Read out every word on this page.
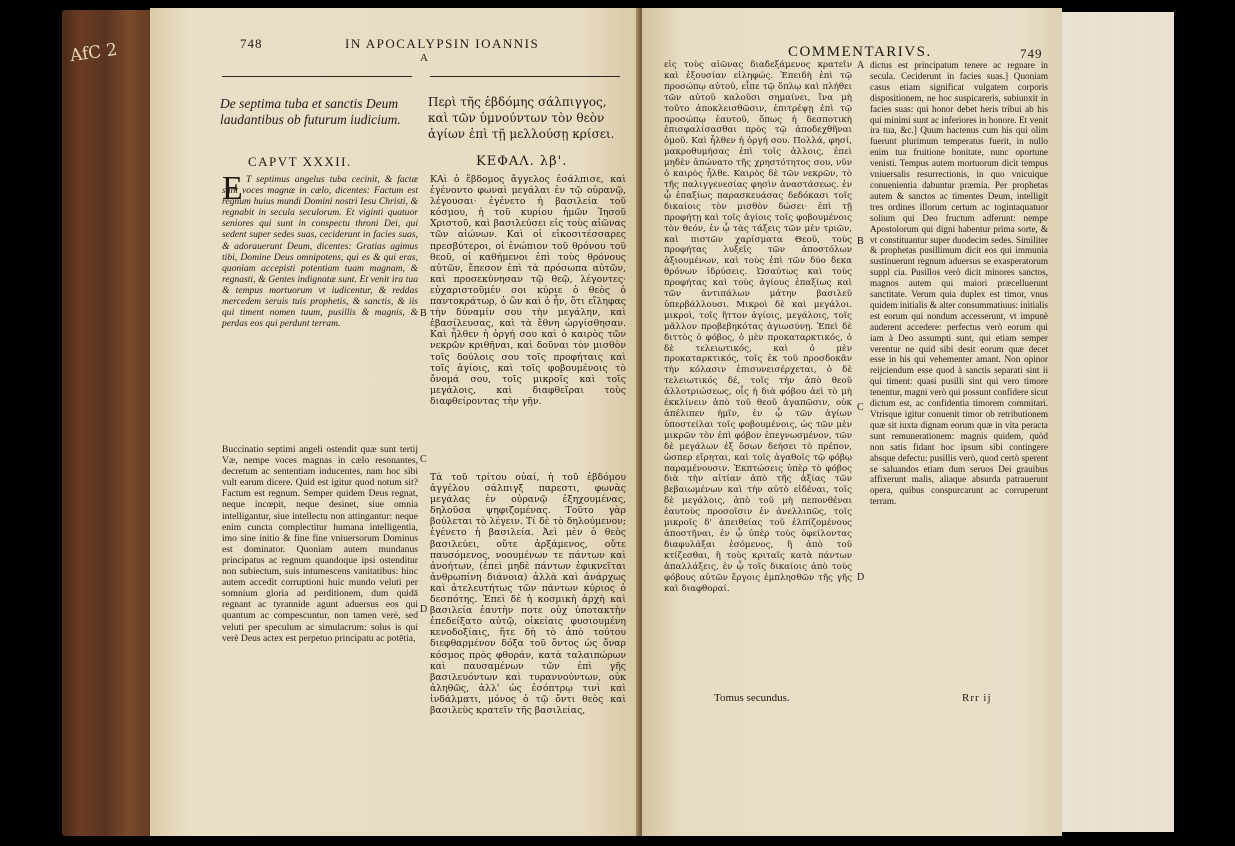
AfC 2	748	IN APOCALYPSIN IOANNIS
A
De septima tuba et sanctis Deum laudantibus ob futurum iudicium.
Περὶ τῆς ἑβδόμης σάλπιγγος, καὶ τῶν ὑμνούντων τὸν θεὸν ἁγίων ἐπὶ τῇ μελλούσῃ κρίσει.
CAPVT XXXII.	ΚΕΦΑΛ. λβ'.
E T septimus angelus tuba cecinit, & factæ sunt voces magnæ in cælo, dicentes: Factum est regnum huius mundi Domini nostri Iesu Christi, & regnabit in secula seculorum. Et viginti quatuor seniores qui sunt in conspectu throni Dei, qui sedent super sedes suas, ceciderunt in facies suas, & adorauerunt Deum, dicentes: Gratias agimus tibi, Domine Deus omnipotens, qui es & qui eras, quoniam accepisti potentiam tuam magnam, & regnasti, & Gentes indignatæ sunt. Et venit ira tua & tempus mortuorum vt iudicentur, & reddas mercedem seruis tuis prophetis, & sanctis, & iis qui timent nomen tuum, pusillis & magnis, & perdas eos qui perdunt terram.
Buccinatio septimi angeli ostendit quæ sunt tertij Væ, nempe voces magnas in cælo resonantes, decretum ac sententiam inducentes, nam hoc sibi vult earum dicere. Quid est igitur quod notum sit? Factum est regnum. Semper quidem Deus regnat, neque incœpit, neque desinet, siue omnia intelligantur, siue intellectu non attingantur: neque enim cuncta complectitur humana intelligentia, imo sine initio & fine fine vniuersorum Dominus est dominator. Quoniam autem mundanus principatus ac regnum quandoque ipsi ostenditur non subiectum, suis intumescens vanitatibus: hinc autem accedit corruptioni huic mundo veluti per somnium gloria ad perditionem, dum quidā regnant ac tyrannide agunt aduersus eos qui quantum ac compescuntur, non tamen verè, sed veluti per speculum ac simulacrum: solus is qui verè Deus actex est perpetuo principatu ac potētia,
ΚΑὶ ὁ ἕβδομος ἄγγελος ἐσάλπισε, καὶ ἐγένοντο φωναὶ μεγάλαι ἐν τῷ οὐρανῷ, λέγουσαι· ἐγένετο ἡ βασιλεία τοῦ κόσμου, ἡ τοῦ κυρίου ἡμῶν Ἰησοῦ Χριστοῦ, καὶ βασιλεύσει εἰς τοὺς αἰῶνας τῶν αἰώνων. Καὶ οἱ εἰκοσιτέσσαρες πρεσβύτεροι, οἱ ἐνώπιον τοῦ θρόνου τοῦ θεοῦ, οἱ καθήμενοι ἐπὶ τοὺς θρόνους αὐτῶν, ἔπεσον ἐπὶ τὰ πρόσωπα αὐτῶν, καὶ προσεκύνησαν τῷ θεῷ, λέγοντες· εὐχαριστοῦμέν σοι κύριε ὁ θεὸς ὁ παντοκράτωρ, ὁ ὢν καὶ ὁ ἦν, ὅτι εἴληφας τὴν δύναμίν σου τὴν μεγάλην, καὶ ἐβασίλευσας, καὶ τὰ ἔθνη ὠργίσθησαν. Καὶ ἦλθεν ἡ ὀργή σου καὶ ὁ καιρὸς τῶν νεκρῶν κριθῆναι, καὶ δοῦναι τὸν μισθὸν τοῖς δούλοις σου τοῖς προφήταις καὶ τοῖς ἁγίοις, καὶ τοῖς φοβουμένοις τὸ ὄνομά σου, τοῖς μικροῖς καὶ τοῖς μεγάλοις, καὶ διαφθεῖραι τοὺς διαφθείροντας τὴν γῆν.
Τὰ τοῦ τρίτου οὐαί, ἡ τοῦ ἑβδόμου ἀγγέλου σάλπιγξ παρεστι, φωνὰς μεγάλας ἐν οὐρανῷ ἐξηχουμένας, δηλοῦσα ψηφιζομένας. Τοῦτο γὰρ βούλεται τὸ λέγειν. Τί δὲ τὸ δηλούμενον; ἐγένετο ἡ βασιλεία. Ἀεὶ μὲν ὁ θεὸς βασιλεύει, οὔτε ἀρξάμενος, οὔτε παυσόμενος, νοουμένων τε πάντων καὶ ἀνοήτων, (ἐπεὶ μηδὲ πάντων ἐφικνεῖται ἀνθρωπίνη διάνοια) ἀλλὰ καὶ ἀνάρχως καὶ ἀτελευτήτως τῶν πάντων κύριος ὁ δεσπότης. Ἐπεὶ δὲ ἡ κοσμικὴ ἀρχὴ καὶ βασιλεία ἑαυτὴν ποτε οὐχ ὑποτακτὴν ἐπεδείξατο αὐτῷ, οἰκείαις φυσιουμένη κενοδοξίαις, ἥτε δὴ τὸ ἀπὸ τούτου διεφθαρμένον δόξα τοῦ ὄντος ὡς ὄναρ κόσμος πρὸς φθοράν, κατὰ ταλαιπώρων καὶ παυσαμένων τῶν ἐπὶ γῆς βασιλευόντων καὶ τυραννούντων, οὐκ ἀληθῶς, ἀλλ' ὡς ἐσόπτρῳ τινὶ καὶ ἰνδάλματι, μόνος ὁ τῷ ὄντι θεὸς καὶ βασιλεὺς κρατεῖν τῆς βασιλείας,
B
C
D
COMMENTARIVS.	749
εἰς τοὺς αἰῶνας διαδεξάμενος κρατεῖν καὶ ἐξουσίαν εἰληφώς. Ἐπειδὴ ἐπὶ τῷ προσώπῳ αὐτοῦ, εἶπε τῷ ὅπλῳ καὶ πλήθει τῶν αὐτοῦ καλοῦσι σημαίνει, ἵνα μὴ τοῦτο ἀποκλεισθῶσιν, ἐπιτρέψῃ ἐπὶ τῷ προσώπῳ ἑαυτοῦ, ὅπως ἡ δεσποτικὴ ἐπισφαλίσασθαι πρὸς τῷ ἀποδεχθῆναι ὁμοῦ. Καὶ ἦλθεν ἡ ὀργή σου. Πολλά, φησί, μακροθυμήσας ἐπὶ τοῖς ἀλλοις, ἐπεὶ μηδὲν ἀπώνατο τῆς χρηστότητος σου, νῦν ὁ καιρὸς ἦλθε. Καιρὸς δὲ τῶν νεκρῶν, τὸ τῆς παλιγγενεσίας φησὶν ἀναστάσεως. ἐν ᾧ ἐπαξίως παρασκευάσας δεδόκασι τοῖς δικαίοις τὸν μισθὸν δώσει· ἐπὶ τῇ προφήτῃ καὶ τοῖς ἁγίοις τοῖς φοβουμένοις τὸν θεόν, ἐν ᾧ τὰς τάξεις τῶν μὲν τριῶν, καὶ πιστῶν χαρίσματα Θεοῦ, τοὺς προφήτας λυξεῖς τῶν ἀποστόλων ἀξιουμένων, καὶ τοὺς ἐπὶ τῶν δύο δεκα θρόνων ἱδρύσεις. Ὡσαύτως καὶ τοὺς προφήτας καὶ τοὺς ἁγίους ἐπαξίως καὶ τῶν ἀντιπάλων μάτην βασιλεῦ ὑπερβάλλουσι. Μικροὶ δὲ καὶ μεγάλοι. μικροὶ, τοῖς ἥττον ἁγίοις, μεγάλοις, τοῖς μᾶλλον προβεβηκότας ἀγιωσύνῃ. Ἐπεὶ δὲ διττὸς ὁ φόβος, ὁ μὲν προκαταρκτικός, ὁ δὲ τελειωτικός, καὶ ὁ μὲν προκαταρκτικός, τοῖς ἐκ τοῦ προσδοκᾶν τὴν κόλασιν ἐπισυνεισέρχεται, ὁ δὲ τελειωτικός δέ, τοῖς τὴν ἀπὸ θεοῦ ἀλλοτριώσεως, οἷς ἡ διὰ φόβου ἀεὶ τὸ μὴ ἐκκλίνειν ἀπὸ τοῦ θεοῦ ἀγαπῶσιν, οὐκ ἀπέλιπεν ἡμῖν, ἐν ᾧ τῶν ἁγίων ὑποστείλαι τοῖς φοβουμένοις, ὡς τῶν μὲν μικρῶν τὸν ἐπὶ φόβον ἐπεγνωσμένον, τῶν δὲ μεγάλων ἐξ ὅσων δεήσει τὸ πρέπον, ὡσπερ εἴρηται, καὶ τοῖς ἀγαθοῖς τῷ φόβῳ παραμένουσιν. Ἐκπτώσεις ὑπὲρ τὸ φόβος διὰ τὴν αἰτίαν ἀπὸ τῆς ἀξίας τῶν βεβαιωμένων καὶ τὴν αὐτὸ εἰδέναι, τοῖς δὲ μεγάλοις, ἀπὸ τοῦ μὴ πεπονθέναι ἑαυτοὺς προσοῖσιν ἐν ἀνελλιπῶς, τοῖς μικροῖς δ' ἀπειθείας τοῦ ἐλπίζομένους ἀποστῆναι, ἐν ᾧ ὑπὲρ τοὺς ὀφείλοντας διαφυλάξαι ἐσόμενος, ἢ ἀπὸ τοῦ κτίζεσθαι, ἢ τοὺς κριταῖς κατὰ πάντων ἀπαλλάξεις, ἐν ᾧ τοῖς δικαίοις ἀπὸ τοὺς φόβους αὐτῶν ἔργοις ἐμπλησθῶν τῆς γῆς καὶ διαφθοραί.
A
B
C
D
dictus est principatum tenere ac regnare in secula. Ceciderunt in facies suas.] Quoniam casus etiam significat vulgatem corporis dispositionem, ne hoc suspicareris, subiunxit in facies suas: qui honor debet heris tribui ab his qui minimi sunt ac inferiores in honore. Et venit ira tua, &c.] Quum hactenus cum his qui olim fuerunt plurimum temperatus fuerit, in nullo enim tua fruitione bonitate, nunc oportune venisti. Tempus autem mortuorum dicit tempus vniuersalis resurrectionis, in quo vnicuique conuenientia dabuntur præmia. Per prophetas autem & sanctos ac timentes Deum, intelligit tres ordines illorum certum ac togintaquatuor solium qui Deo fructum adferunt: nempe Apostolorum qui digni habentur prima sorte, & vt constituantur super duodecim sedes. Similiter & prophetas pusillimum dicit eos qui immunia sustinuerunt regnum aduersus se exasperatorum suppl cia. Pusillos verò dicit minores sanctos, magnos autem qui maiori præcelluerunt sanctitate. Verum quia duplex est timor, vnus quidem initialis & alter consummatiuus: initialis est eorum qui nondum accesserunt, vt impunè auderent accedere: perfectus verò eorum qui iam à Deo assumpti sunt, qui etiam semper verentur ne quid sibi desit eorum quæ decet esse in his qui vehementer amant. Non opinor reijciendum esse quod à sanctis separati sint ii qui timent: quasi pusilli sint qui vero timore tenentur, magni verò qui possunt confidere sicut dictum est, ac confidentia timorem commitari. Vtrisque igitur conuenit timor ob retributionem quæ sit iuxta dignam eorum quæ in vita peracta sunt remunerationem: magnis quidem, quòd non satis fidant hoc ipsum sibi contingere absque defectu: pusillis verò, quod certò sperent se saluandos etiam dum seruos Dei grauibus affixerunt malis, aliaque absurda patrauerunt opera, quibus conspurcarunt ac corruperunt terram.
Tomus secundus.	Rrr ij
